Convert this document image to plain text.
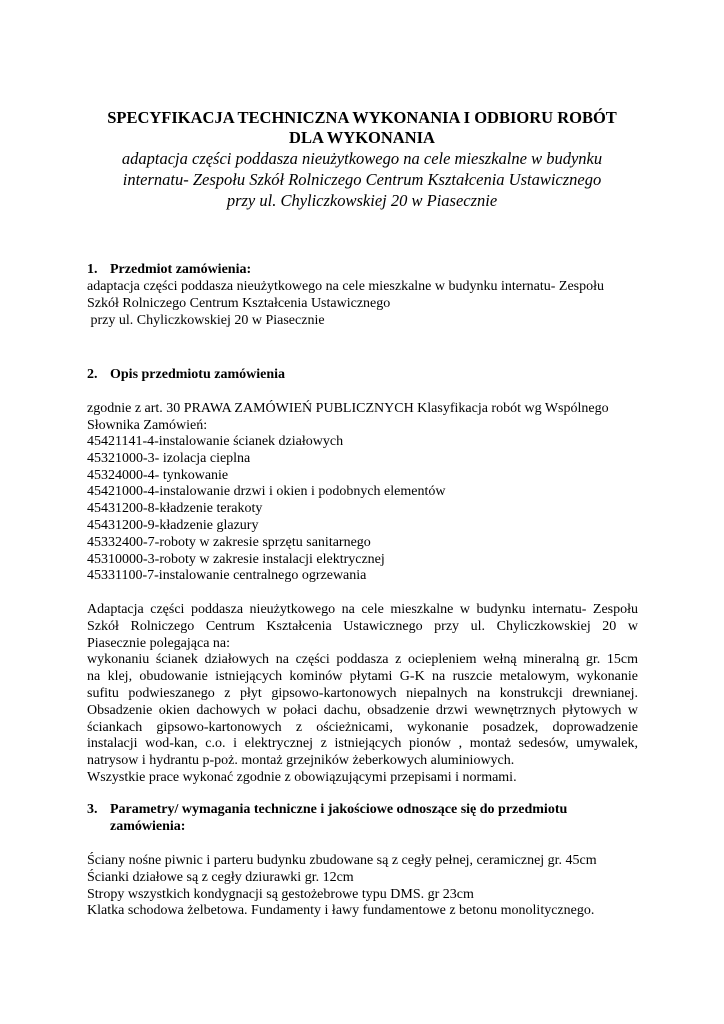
SPECYFIKACJA TECHNICZNA WYKONANIA I ODBIORU ROBÓT
DLA WYKONANIA
adaptacja części poddasza nieużytkowego na cele mieszkalne w budynku
internatu- Zespołu Szkół Rolniczego Centrum Kształcenia Ustawicznego
przy ul. Chyliczkowskiej 20 w Piasecznie
1. Przedmiot zamówienia:
adaptacja części poddasza nieużytkowego na cele mieszkalne w budynku internatu- Zespołu
Szkół Rolniczego Centrum Kształcenia Ustawicznego
przy ul. Chyliczkowskiej 20 w Piasecznie
2. Opis przedmiotu zamówienia
zgodnie z art. 30 PRAWA ZAMÓWIEŃ PUBLICZNYCH Klasyfikacja robót wg Wspólnego
Słownika Zamówień:
45421141-4-instalowanie ścianek działowych
45321000-3- izolacja cieplna
45324000-4- tynkowanie
45421000-4-instalowanie drzwi i okien i podobnych elementów
45431200-8-kładzenie terakoty
45431200-9-kładzenie glazury
45332400-7-roboty w zakresie sprzętu sanitarnego
45310000-3-roboty w zakresie instalacji elektrycznej
45331100-7-instalowanie centralnego ogrzewania
Adaptacja części poddasza nieużytkowego na cele mieszkalne w budynku internatu- Zespołu
Szkół Rolniczego Centrum Kształcenia Ustawicznego przy ul. Chyliczkowskiej 20 w
Piasecznie polegająca na:
wykonaniu ścianek działowych na części poddasza z ociepleniem wełną mineralną gr. 15cm
na klej, obudowanie istniejących kominów płytami G-K na ruszcie metalowym, wykonanie
sufitu podwieszanego z płyt gipsowo-kartonowych niepalnych na konstrukcji drewnianej.
Obsadzenie okien dachowych w połaci dachu, obsadzenie drzwi wewnętrznych płytowych w
ściankach gipsowo-kartonowych z ościeżnicami, wykonanie posadzek, doprowadzenie
instalacji wod-kan, c.o. i elektrycznej z istniejących pionów , montaż sedesów, umywalek,
natrysow i hydrantu p-poż. montaż grzejników żeberkowych aluminiowych.
Wszystkie prace wykonać zgodnie z obowiązującymi przepisami i normami.
3. Parametry/ wymagania techniczne i jakościowe odnoszące się do przedmiotu
zamówienia:
Ściany nośne piwnic i parteru budynku zbudowane są z cegły pełnej, ceramicznej gr. 45cm
Ścianki działowe są z cegły dziurawki gr. 12cm
Stropy wszystkich kondygnacji są gestożebrowe typu DMS. gr 23cm
Klatka schodowa żelbetowa. Fundamenty i ławy fundamentowe z betonu monolitycznego.
